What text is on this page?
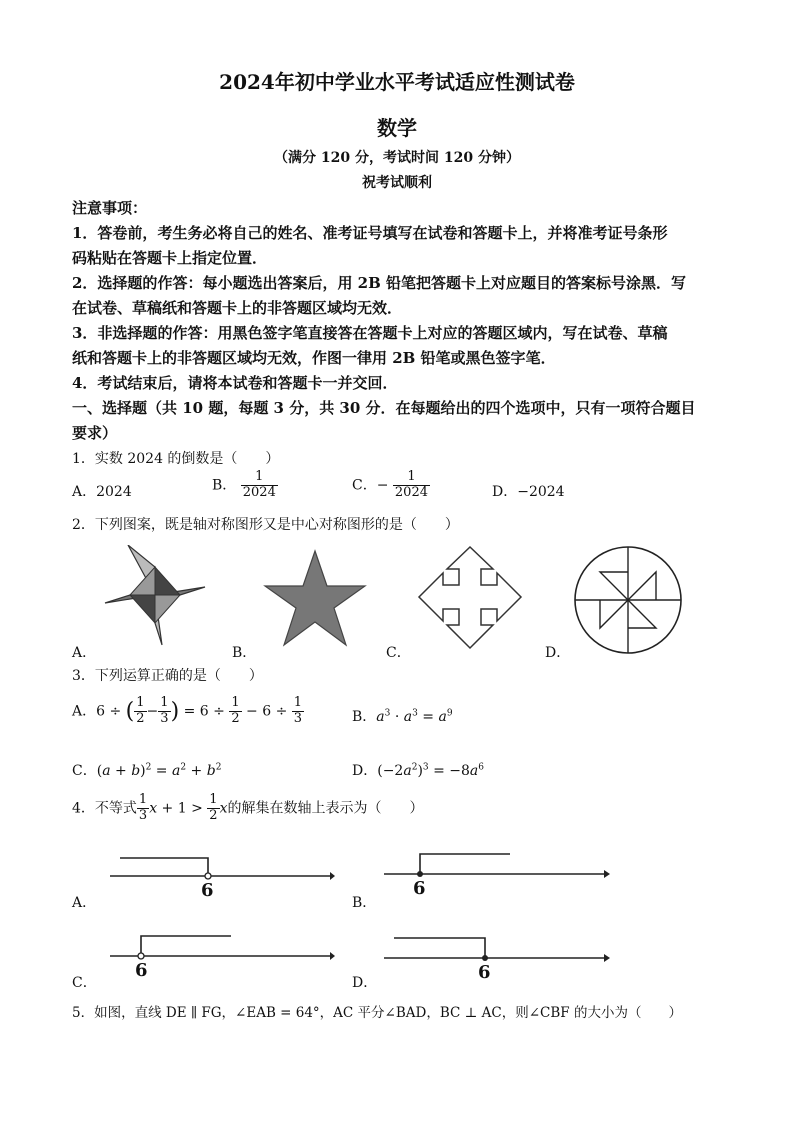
2024年初中学业水平考试适应性测试卷
数学
（满分 120 分，考试时间 120 分钟）
祝考试顺利
注意事项：
1．答卷前，考生务必将自己的姓名、准考证号填写在试卷和答题卡上，并将准考证号条形
码粘贴在答题卡上指定位置．
2．选择题的作答：每小题选出答案后，用 2B 铅笔把答题卡上对应题目的答案标号涂黑．写
在试卷、草稿纸和答题卡上的非答题区域均无效．
3．非选择题的作答：用黑色签字笔直接答在答题卡上对应的答题区域内，写在试卷、草稿
纸和答题卡上的非答题区域均无效，作图一律用 2B 铅笔或黑色签字笔．
4．考试结束后，请将本试卷和答题卡一并交回．
一、选择题（共 10 题，每题 3 分，共 30 分．在每题给出的四个选项中，只有一项符合题目
要求）
1．实数 2024 的倒数是（　　）
A．2024	B． $\frac{1}{2024}$	C．− $\frac{1}{2024}$	D．−2024
2．下列图案，既是轴对称图形又是中心对称图形的是（　　）
A．	B．	C．	D．
3．下列运算正确的是（　　）
A．6 ÷ ( $\frac{1}{2} - \frac{1}{3}$ ) = $6 \div \frac{1}{2} - 6 \div \frac{1}{3}$	B．$a^3 \cdot a^3 = a^9$
C．$(a + b)^2 = a^2 + b^2$	D．$(-2a^2)^3 = -8a^6$
4．不等式 $\frac{1}{3}$ $x + 1 > \frac{1}{2}$ x的解集在数轴上表示为（　　）
6	6
6	6
A．	B．
C．	D．
5．如图，直线 DE ∥ FG，∠EAB = 64°，AC 平分∠BAD，BC ⊥ AC，则∠CBF 的大小为（　　）
